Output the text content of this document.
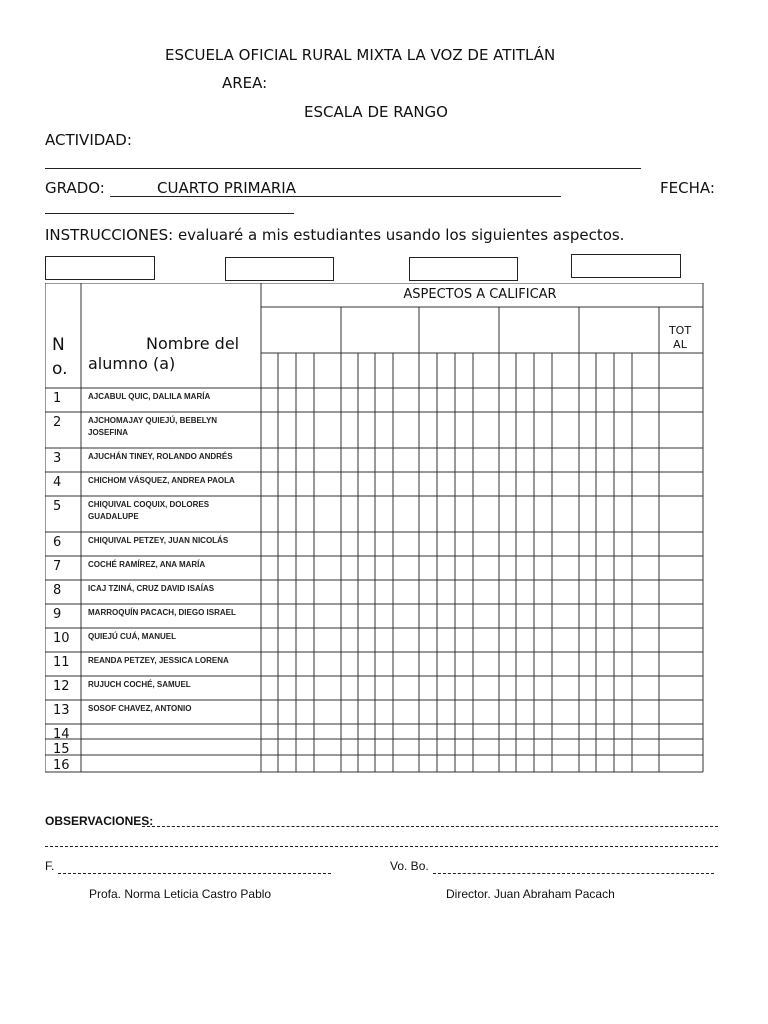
ESCUELA OFICIAL RURAL MIXTA LA VOZ DE ATITLÁN
AREA:
ESCALA DE RANGO
ACTIVIDAD:
GRADO:	CUARTO PRIMARIA	FECHA:
INSTRUCCIONES: evaluaré a mis estudiantes usando los siguientes aspectos.
ASPECTOS A CALIFICAR
TOT
AL
N
o.
Nombre del
alumno (a)
1	AJCABUL QUIC, DALILA MARÍA
2	AJCHOMAJAY QUIEJÚ, BEBELYN
JOSEFINA
3	AJUCHÁN TINEY, ROLANDO ANDRÉS
4	CHICHOM VÁSQUEZ, ANDREA PAOLA
5	CHIQUIVAL COQUIX, DOLORES
GUADALUPE
6	CHIQUIVAL PETZEY, JUAN NICOLÁS
7	COCHÉ RAMÍREZ, ANA MARÍA
8	ICAJ TZINÁ, CRUZ DAVID ISAÍAS
9	MARROQUÍN PACACH, DIEGO ISRAEL
10 QUIEJÚ CUÁ, MANUEL
11 REANDA PETZEY, JESSICA LORENA
12 RUJUCH COCHÉ, SAMUEL
13 SOSOF CHAVEZ, ANTONIO
14
15
16
OBSERVACIONES:
F.	Vo. Bo.
Profa. Norma Leticia Castro Pablo	Director. Juan Abraham Pacach
